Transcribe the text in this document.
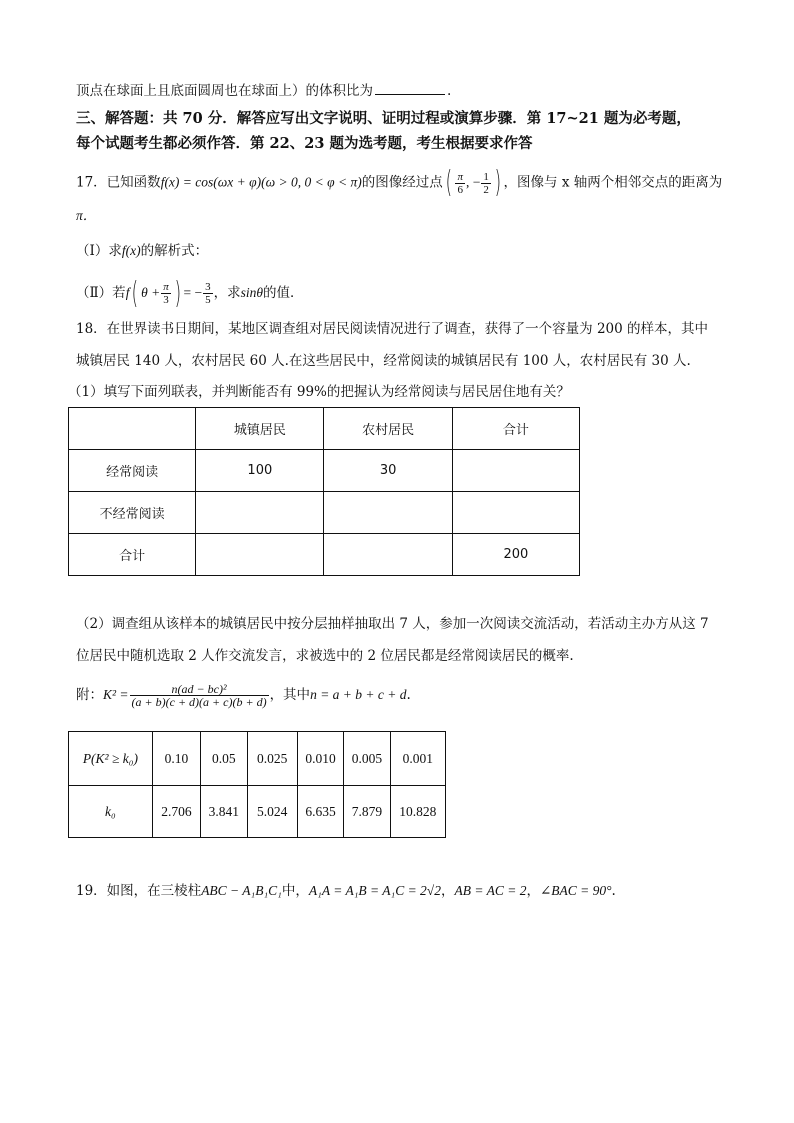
顶点在球面上且底面圆周也在球面上）的体积比为	.
三、解答题：共 70 分．解答应写出文字说明、证明过程或演算步骤．第 17~21 题为必考题，
每个试题考生都必须作答．第 22、23 题为选考题，考生根据要求作答
17．已知函数f(x) = cos(ωx + φ)(ω > 0, 0 < φ < π)的图像经过点( $\frac{\pi}{6}$ , − $\frac{1}{2}$ ) ，图像与 x 轴两个相邻交点的距离为
π．
（Ⅰ）求f(x)的解析式：
（Ⅱ）若f( $\theta + \frac{\pi}{3}$ ) = − $\frac{3}{5}$ ，求sinθ的值．
18．在世界读书日期间，某地区调查组对居民阅读情况进行了调查，获得了一个容量为 200 的样本，其中
城镇居民 140 人，农村居民 60 人.在这些居民中，经常阅读的城镇居民有 100 人，农村居民有 30 人.
（1）填写下面列联表，并判断能否有 99%的把握认为经常阅读与居民居住地有关？
	城镇居民	农村居民	合计
经常阅读	100	30	
不经常阅读			
合计			200
（2）调查组从该样本的城镇居民中按分层抽样抽取出 7 人，参加一次阅读交流活动，若活动主办方从这 7
位居民中随机选取 2 人作交流发言，求被选中的 2 位居民都是经常阅读居民的概率.
附：$K^2 = \frac{\text{n(ad − bc)²}}{(a + b)(c + d)(a + c)(b + d)}$ ，其中n = a + b + c + d.
P(K² ≥ k₀)	0.10	0.05	0.025	0.010	0.005	0.001
k₀	2.706	3.841	5.024	6.635	7.879	10.828
19．如图，在三棱柱ABC − A₁B₁C₁中，A₁A = A₁B = A₁C = 2√2，AB = AC = 2，∠BAC = 90°.
